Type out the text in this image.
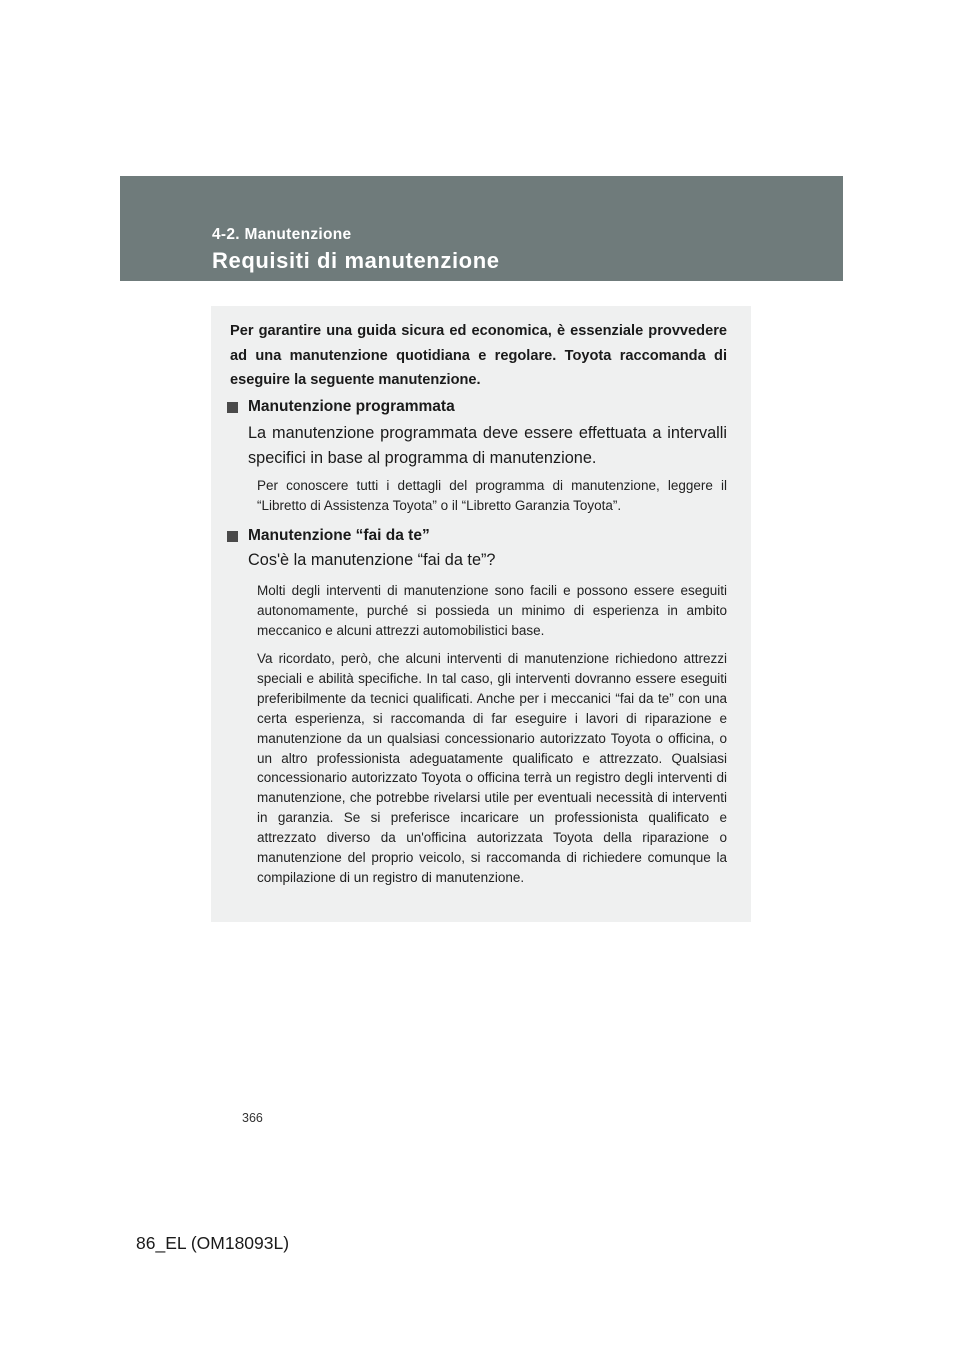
4-2. Manutenzione
Requisiti di manutenzione

Per garantire una guida sicura ed economica, è essenziale provvedere ad una manutenzione quotidiana e regolare. Toyota raccomanda di eseguire la seguente manutenzione.

Manutenzione programmata

La manutenzione programmata deve essere effettuata a intervalli specifici in base al programma di manutenzione.

Per conoscere tutti i dettagli del programma di manutenzione, leggere il “Libretto di Assistenza Toyota” o il “Libretto Garanzia Toyota”.

Manutenzione “fai da te”

Cos'è la manutenzione “fai da te”?

Molti degli interventi di manutenzione sono facili e possono essere eseguiti autonomamente, purché si possieda un minimo di esperienza in ambito meccanico e alcuni attrezzi automobilistici base.

Va ricordato, però, che alcuni interventi di manutenzione richiedono attrezzi speciali e abilità specifiche. In tal caso, gli interventi dovranno essere eseguiti preferibilmente da tecnici qualificati. Anche per i meccanici “fai da te” con una certa esperienza, si raccomanda di far eseguire i lavori di riparazione e manutenzione da un qualsiasi concessionario autorizzato Toyota o officina, o un altro professionista adeguatamente qualificato e attrezzato. Qualsiasi concessionario autorizzato Toyota o officina terrà un registro degli interventi di manutenzione, che potrebbe rivelarsi utile per eventuali necessità di interventi in garanzia. Se si preferisce incaricare un professionista qualificato e attrezzato diverso da un'officina autorizzata Toyota della riparazione o manutenzione del proprio veicolo, si raccomanda di richiedere comunque la compilazione di un registro di manutenzione.

366
86_EL (OM18093L)
